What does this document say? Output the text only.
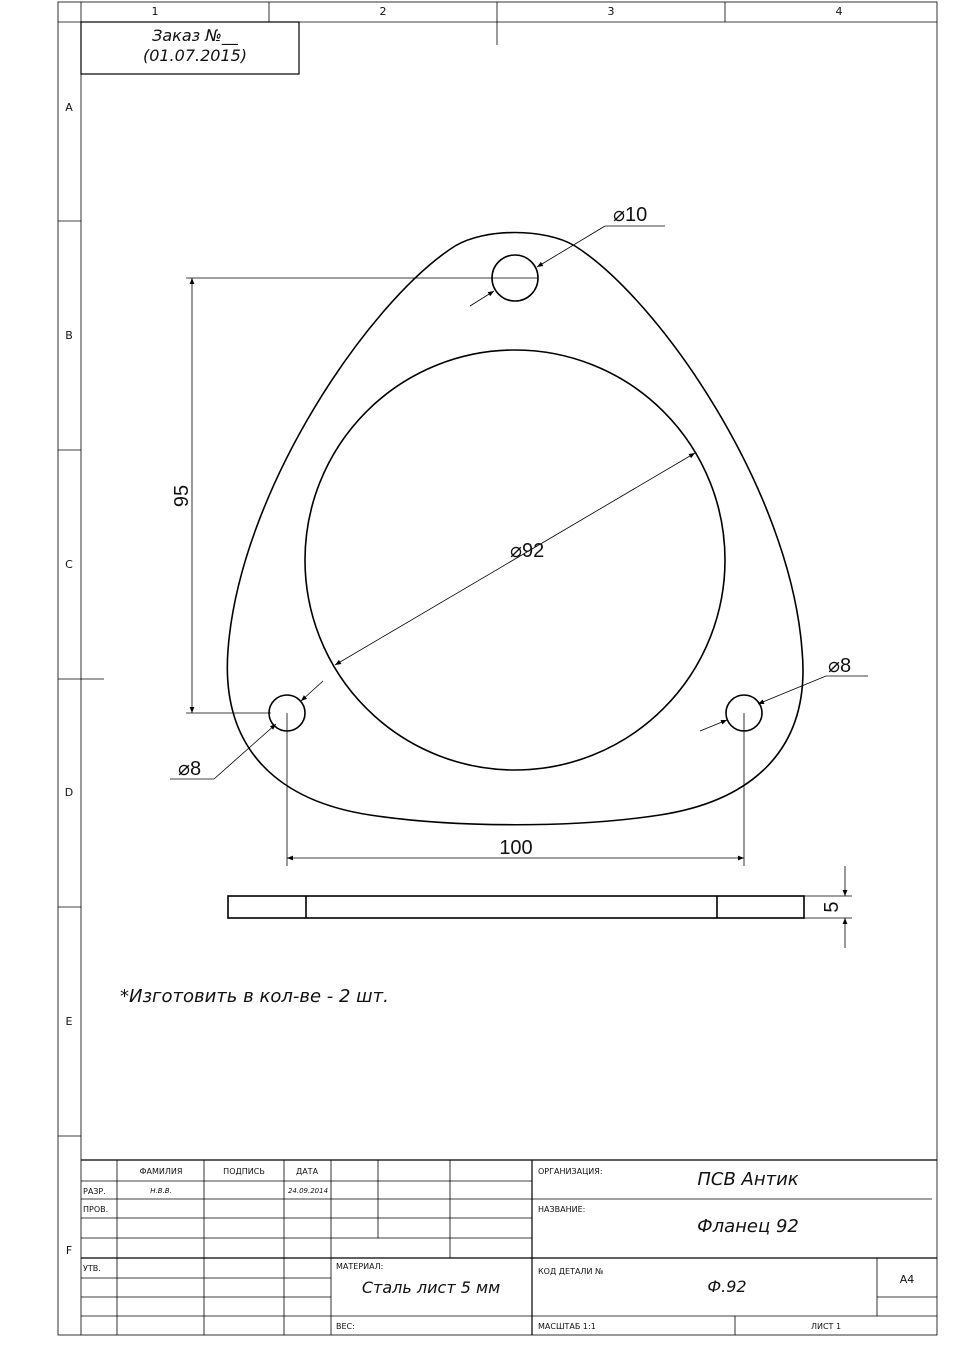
1	2	3	4
A
B
C
D
E
F
Заказ №__
(01.07.2015)
⌀10
⌀92
⌀8
⌀8
95
100
5
*Изготовить в кол-ве - 2 шт.
ФАМИЛИЯ	ПОДПИСЬ	ДАТА
РАЗР.	Н.В.В.	24.09.2014
ПРОВ.
УТВ.
ОРГАНИЗАЦИЯ:	ПСВ Антик
НАЗВАНИЕ:
Фланец 92
МАТЕРИАЛ:
Сталь лист 5 мм
КОД ДЕТАЛИ №
Ф.92	А4
ВЕС:	МАСШТАБ 1:1	ЛИСТ 1
